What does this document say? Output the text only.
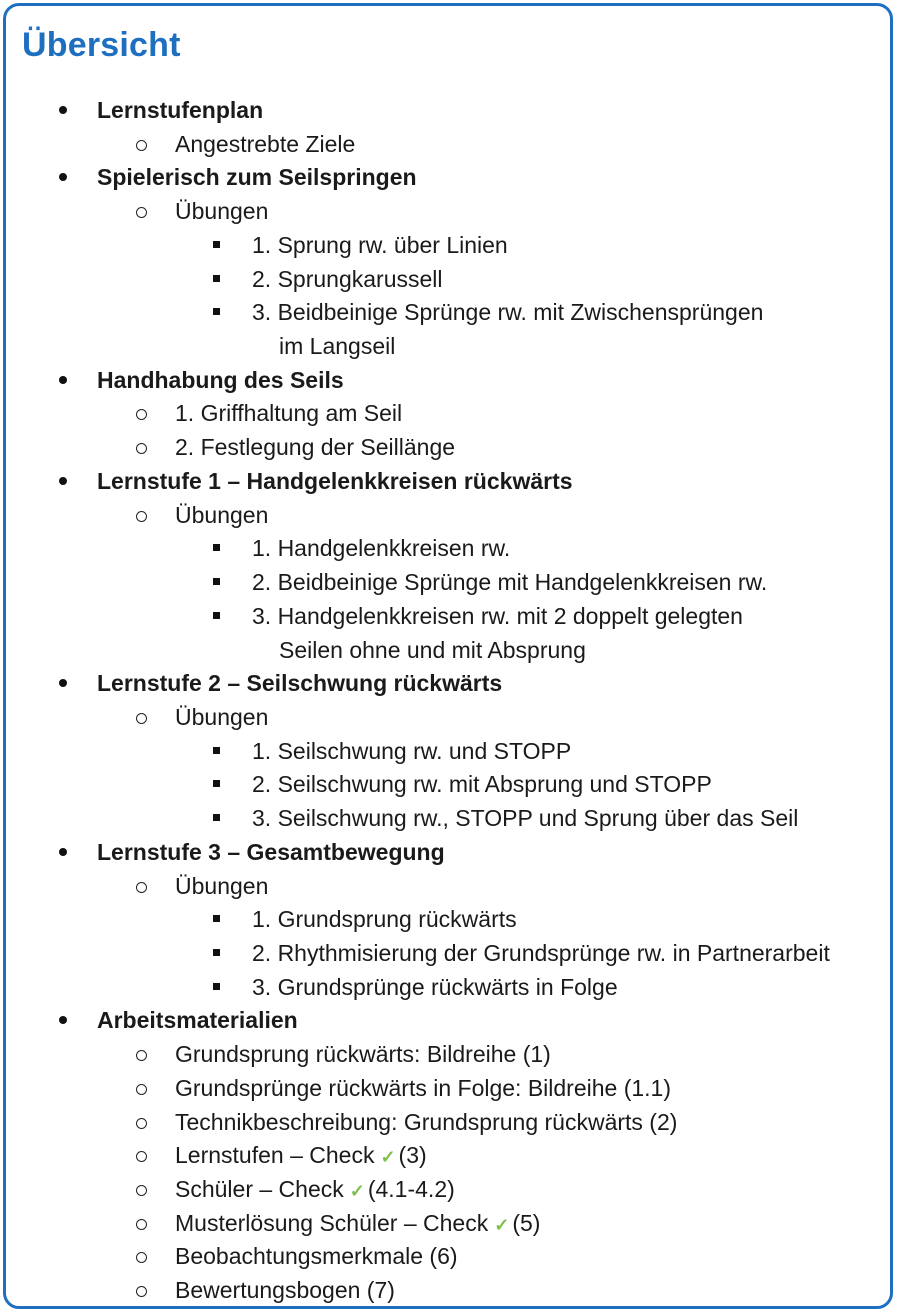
Übersicht
Lernstufenplan
Angestrebte Ziele
Spielerisch zum Seilspringen
Übungen
1. Sprung rw. über Linien
2. Sprungkarussell
3. Beidbeinige Sprünge rw. mit Zwischensprüngen
im Langseil
Handhabung des Seils
1. Griffhaltung am Seil
2. Festlegung der Seillänge
Lernstufe 1 – Handgelenkkreisen rückwärts
Übungen
1. Handgelenkkreisen rw.
2. Beidbeinige Sprünge mit Handgelenkkreisen rw.
3. Handgelenkkreisen rw. mit 2 doppelt gelegten
Seilen ohne und mit Absprung
Lernstufe 2 – Seilschwung rückwärts
Übungen
1. Seilschwung rw. und STOPP
2. Seilschwung rw. mit Absprung und STOPP
3. Seilschwung rw., STOPP und Sprung über das Seil
Lernstufe 3 – Gesamtbewegung
Übungen
1. Grundsprung rückwärts
2. Rhythmisierung der Grundsprünge rw. in Partnerarbeit
3. Grundsprünge rückwärts in Folge
Arbeitsmaterialien
Grundsprung rückwärts: Bildreihe (1)
Grundsprünge rückwärts in Folge: Bildreihe (1.1)
Technikbeschreibung: Grundsprung rückwärts (2)
Lernstufen – Check ✓ (3)
Schüler – Check ✓ (4.1-4.2)
Musterlösung Schüler – Check ✓ (5)
Beobachtungsmerkmale (6)
Bewertungsbogen (7)
